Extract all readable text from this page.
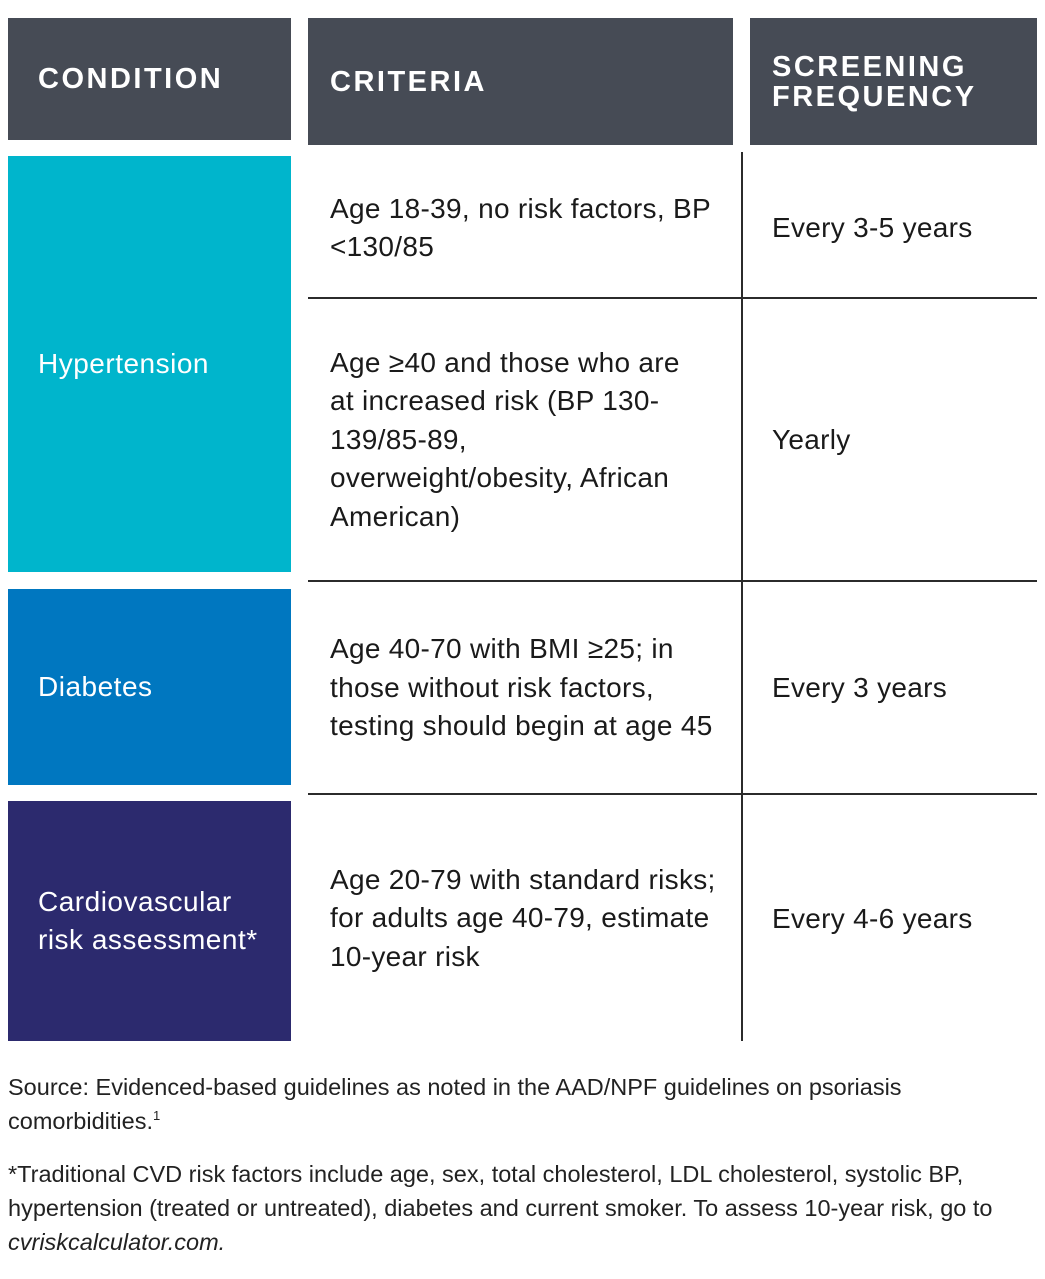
CONDITION	CRITERIA	SCREENING
FREQUENCY
Hypertension
Diabetes
Cardiovascular risk assessment*
Age 18-39, no risk factors, BP <130/85
Age ≥40 and those who are at increased risk (BP 130-139/85-89, overweight/obesity, African American)
Age 40-70 with BMI ≥25; in those without risk factors, testing should begin at age 45
Age 20-79 with standard risks; for adults age 40-79, estimate 10-year risk
Every 3-5 years
Yearly
Every 3 years
Every 4-6 years
Source: Evidenced-based guidelines as noted in the AAD/NPF guidelines on psoriasis comorbidities.$^1$
*Traditional CVD risk factors include age, sex, total cholesterol, LDL cholesterol, systolic BP, hypertension (treated or untreated), diabetes and current smoker. To assess 10-year risk, go to cvriskcalculator.com.
